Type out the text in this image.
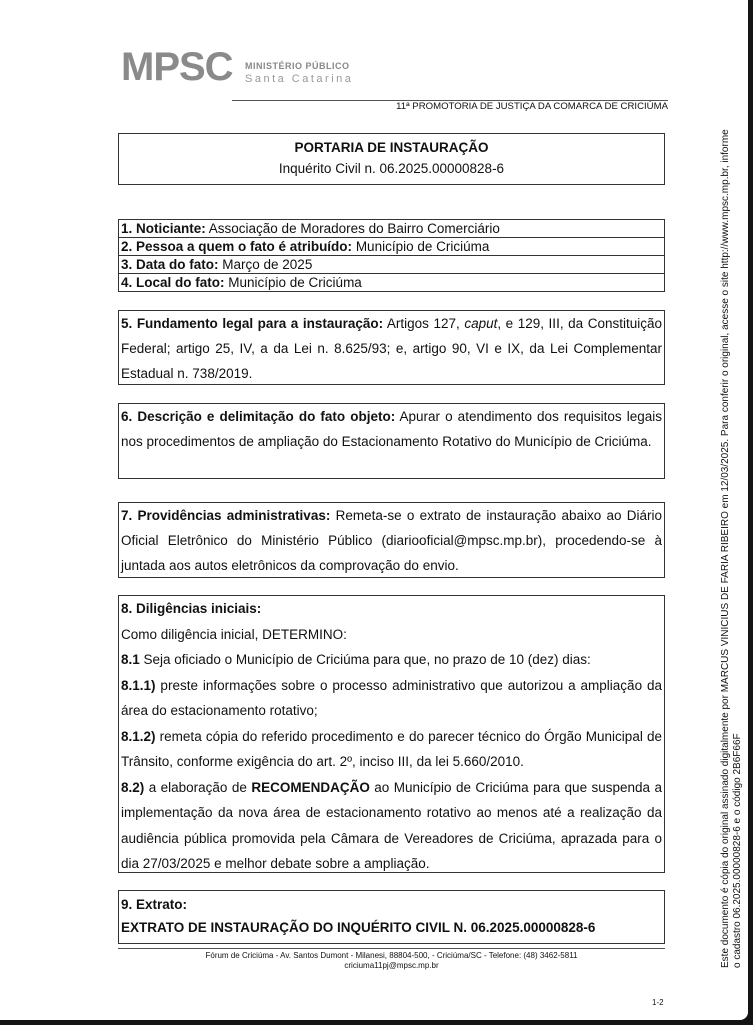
MPSC MINISTÉRIO PÚBLICO
Santa Catarina
11ª PROMOTORIA DE JUSTIÇA DA COMARCA DE CRICIÚMA
PORTARIA DE INSTAURAÇÃO
Inquérito Civil n. 06.2025.00000828-6
1. Noticiante: Associação de Moradores do Bairro Comerciário
2. Pessoa a quem o fato é atribuído: Município de Criciúma
3. Data do fato: Março de 2025
4. Local do fato: Município de Criciúma
5. Fundamento legal para a instauração: Artigos 127, caput, e 129, III, da Constituição Federal; artigo 25, IV, a da Lei n. 8.625/93; e, artigo 90, VI e IX, da Lei Complementar Estadual n. 738/2019.
6. Descrição e delimitação do fato objeto: Apurar o atendimento dos requisitos legais nos procedimentos de ampliação do Estacionamento Rotativo do Município de Criciúma.
7. Providências administrativas: Remeta-se o extrato de instauração abaixo ao Diário Oficial Eletrônico do Ministério Público (diariooficial@mpsc.mp.br), procedendo-se à juntada aos autos eletrônicos da comprovação do envio.
8. Diligências iniciais:
Como diligência inicial, DETERMINO:
8.1 Seja oficiado o Município de Criciúma para que, no prazo de 10 (dez) dias:
8.1.1) preste informações sobre o processo administrativo que autorizou a ampliação da área do estacionamento rotativo;
8.1.2) remeta cópia do referido procedimento e do parecer técnico do Órgão Municipal de Trânsito, conforme exigência do art. 2º, inciso III, da lei 5.660/2010.
8.2) a elaboração de RECOMENDAÇÃO ao Município de Criciúma para que suspenda a implementação da nova área de estacionamento rotativo ao menos até a realização da audiência pública promovida pela Câmara de Vereadores de Criciúma, aprazada para o dia 27/03/2025 e melhor debate sobre a ampliação.
9. Extrato:
EXTRATO DE INSTAURAÇÃO DO INQUÉRITO CIVIL N. 06.2025.00000828-6
Fórum de Criciúma - Av. Santos Dumont - Milanesi, 88804-500, - Criciúma/SC - Telefone: (48) 3462-5811
criciuma11pj@mpsc.mp.br
1-2
Este documento é cópia do original assinado digitalmente por MARCUS VINICIUS DE FARIA RIBEIRO em 12/03/2025. Para conferir o original, acesse o site http://www.mpsc.mp.br, informe o cadastro 06.2025.00000828-6 e o código 2B6F66F
